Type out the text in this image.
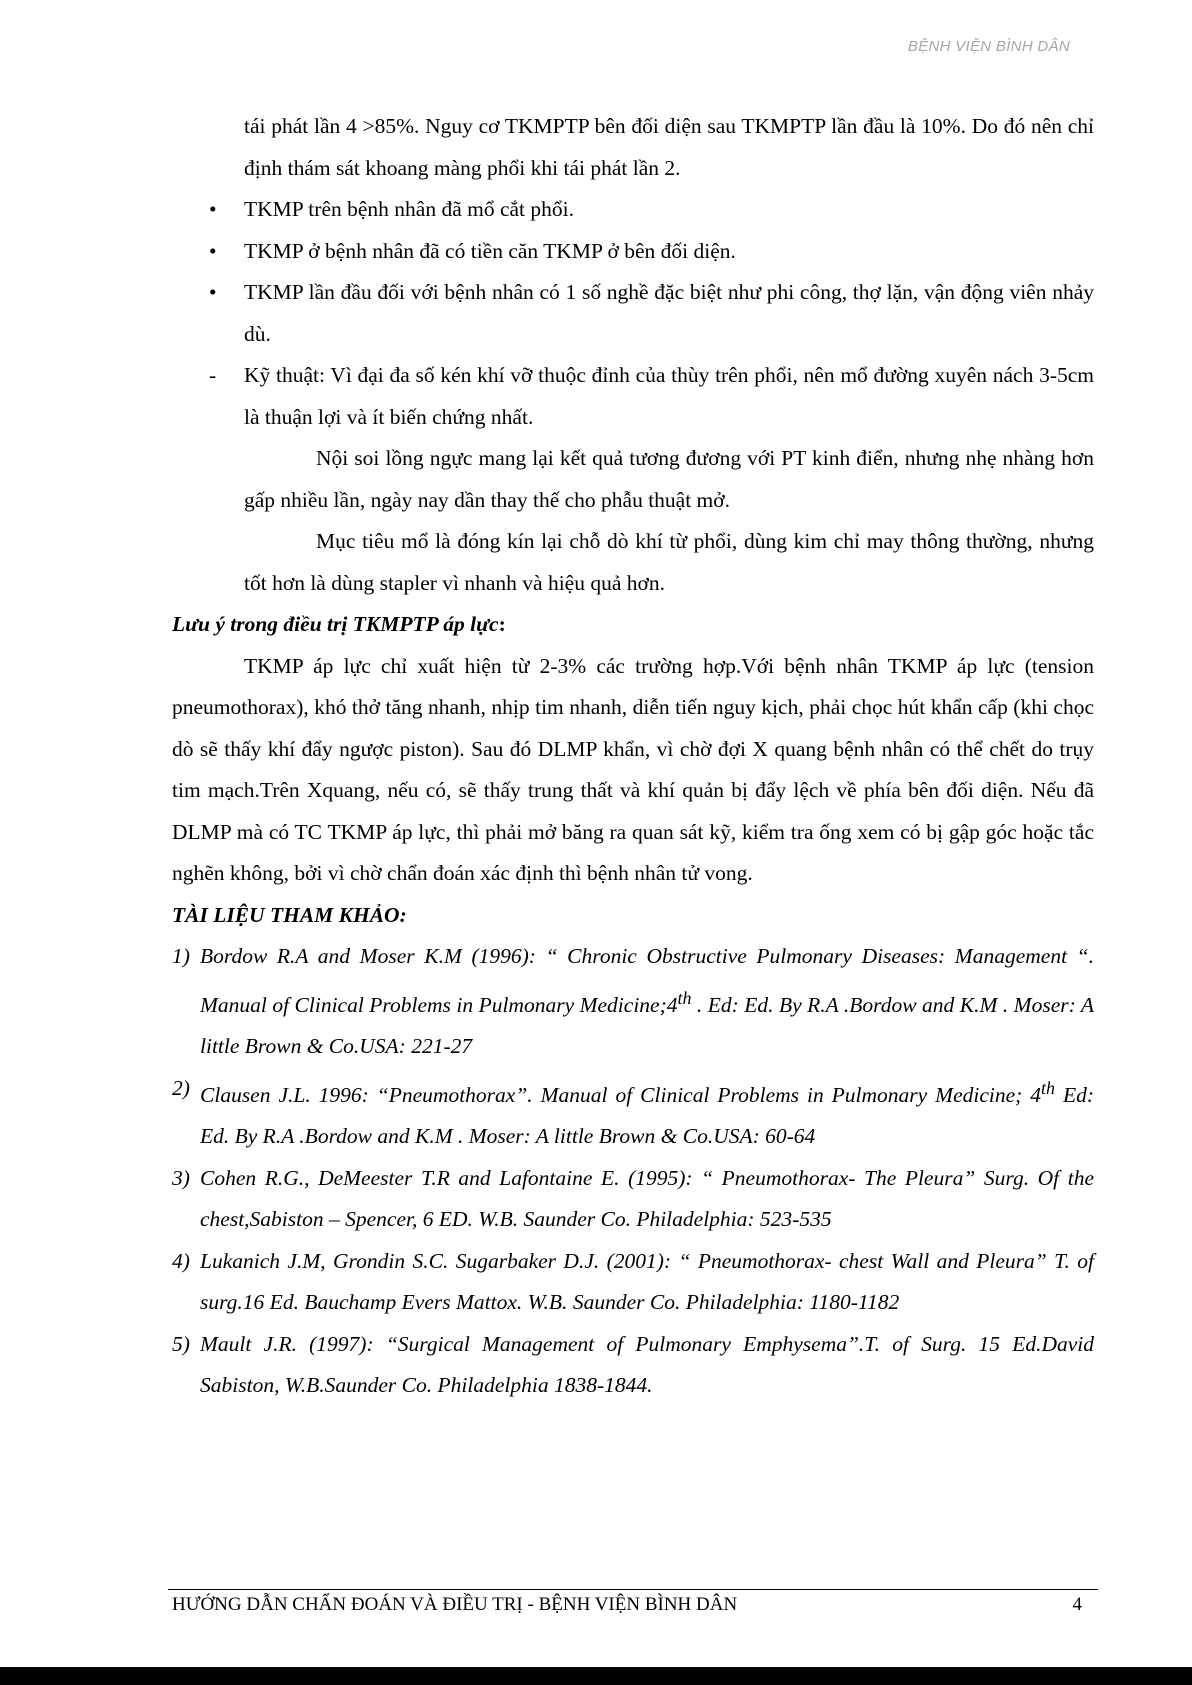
BỆNH VIỆN BÌNH DÂN

tái phát lần 4 >85%. Nguy cơ TKMPTP bên đối diện sau TKMPTP lần đầu là 10%. Do đó nên chỉ định thám sát khoang màng phổi khi tái phát lần 2.

•	TKMP trên bệnh nhân đã mổ cắt phổi.
•	TKMP ở bệnh nhân đã có tiền căn TKMP ở bên đối diện.
•	TKMP lần đầu đối với bệnh nhân có 1 số nghề đặc biệt như phi công, thợ lặn, vận động viên nhảy dù.
-	Kỹ thuật: Vì đại đa số kén khí vỡ thuộc đỉnh của thùy trên phổi, nên mổ đường xuyên nách 3-5cm là thuận lợi và ít biến chứng nhất.

Nội soi lồng ngực mang lại kết quả tương đương với PT kinh điển, nhưng nhẹ nhàng hơn gấp nhiều lần, ngày nay dần thay thế cho phẫu thuật mở.

Mục tiêu mổ là đóng kín lại chỗ dò khí từ phổi, dùng kim chỉ may thông thường, nhưng tốt hơn là dùng stapler vì nhanh và hiệu quả hơn.

Lưu ý trong điều trị TKMPTP áp lực:

TKMP áp lực chỉ xuất hiện từ 2-3% các trường hợp.Với bệnh nhân TKMP áp lực (tension pneumothorax), khó thở tăng nhanh, nhịp tim nhanh, diễn tiến nguy kịch, phải chọc hút khẩn cấp (khi chọc dò sẽ thấy khí đẩy ngược piston). Sau đó DLMP khẩn, vì chờ đợi X quang bệnh nhân có thể chết do trụy tim mạch.Trên Xquang, nếu có, sẽ thấy trung thất và khí quản bị đẩy lệch về phía bên đối diện. Nếu đã DLMP mà có TC TKMP áp lực, thì phải mở băng ra quan sát kỹ, kiểm tra ống xem có bị gập góc hoặc tắc nghẽn không, bởi vì chờ chẩn đoán xác định thì bệnh nhân tử vong.

TÀI LIỆU THAM KHẢO:

1) Bordow R.A and Moser K.M (1996): “ Chronic Obstructive Pulmonary Diseases: Management “. Manual of Clinical Problems in Pulmonary Medicine;4th . Ed: Ed. By R.A .Bordow and K.M . Moser: A little Brown & Co.USA: 221-27
2) Clausen J.L. 1996: “Pneumothorax”. Manual of Clinical Problems in Pulmonary Medicine; 4th Ed: Ed. By R.A .Bordow and K.M . Moser: A little Brown & Co.USA: 60-64
3) Cohen R.G., DeMeester T.R and Lafontaine E. (1995): “ Pneumothorax- The Pleura” Surg. Of the chest,Sabiston – Spencer, 6 ED. W.B. Saunder Co. Philadelphia: 523-535
4) Lukanich J.M, Grondin S.C. Sugarbaker D.J. (2001): “ Pneumothorax- chest Wall and Pleura” T. of surg.16 Ed. Bauchamp Evers Mattox. W.B. Saunder Co. Philadelphia: 1180-1182
5) Mault J.R. (1997): “Surgical Management of Pulmonary Emphysema”.T. of Surg. 15 Ed.David Sabiston, W.B.Saunder Co. Philadelphia 1838-1844.
HƯỚNG DẪN CHẨN ĐOÁN VÀ ĐIỀU TRỊ - BỆNH VIỆN BÌNH DÂN	4
